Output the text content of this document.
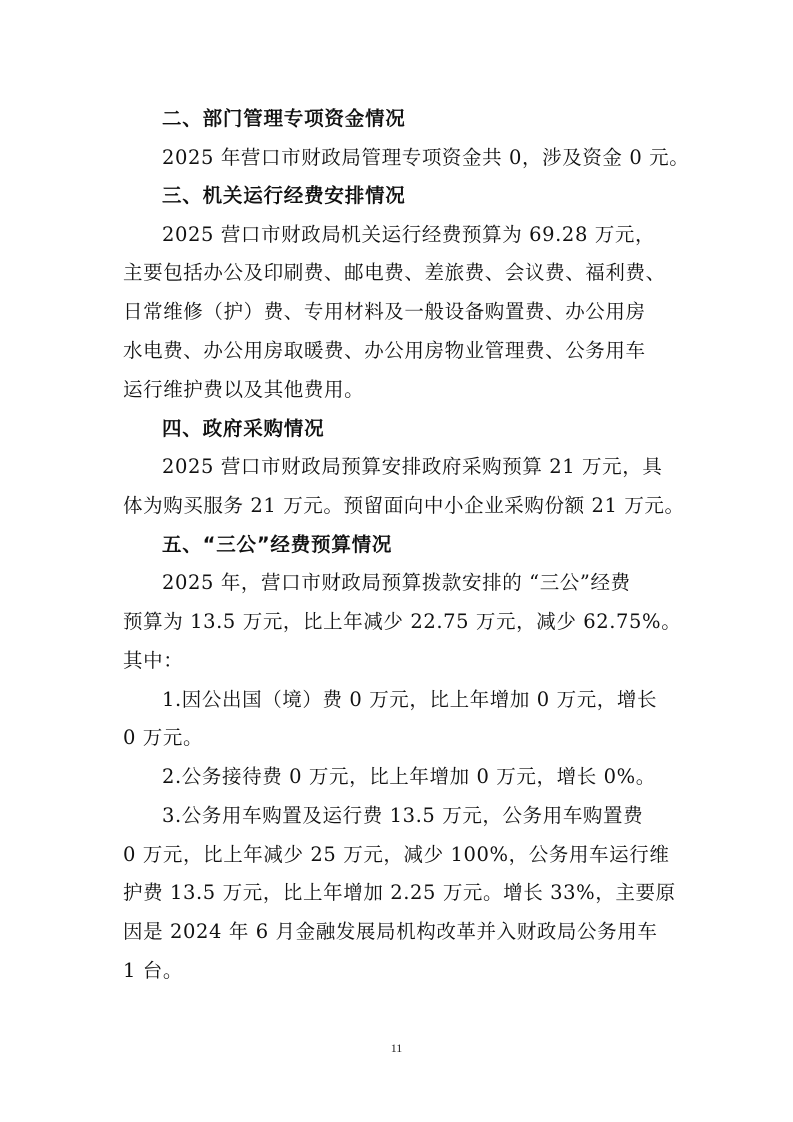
二、部门管理专项资金情况
2025 年营口市财政局管理专项资金共 0，涉及资金 0 元。
三、机关运行经费安排情况
2025 营口市财政局机关运行经费预算为 69.28 万元，
主要包括办公及印刷费、邮电费、差旅费、会议费、福利费、
日常维修（护）费、专用材料及一般设备购置费、办公用房
水电费、办公用房取暖费、办公用房物业管理费、公务用车
运行维护费以及其他费用。
四、政府采购情况
2025 营口市财政局预算安排政府采购预算 21 万元，具
体为购买服务 21 万元。预留面向中小企业采购份额 21 万元。
五、“三公”经费预算情况
2025 年，营口市财政局预算拨款安排的 “三公”经费
预算为 13.5 万元，比上年减少 22.75 万元，减少 62.75%。
其中：
1.因公出国（境）费 0 万元，比上年增加 0 万元，增长
0 万元。
2.公务接待费 0 万元，比上年增加 0 万元，增长 0%。
3.公务用车购置及运行费 13.5 万元，公务用车购置费
0 万元，比上年减少 25 万元，减少 100%，公务用车运行维
护费 13.5 万元，比上年增加 2.25 万元。增长 33%，主要原
因是 2024 年 6 月金融发展局机构改革并入财政局公务用车
1 台。
11
